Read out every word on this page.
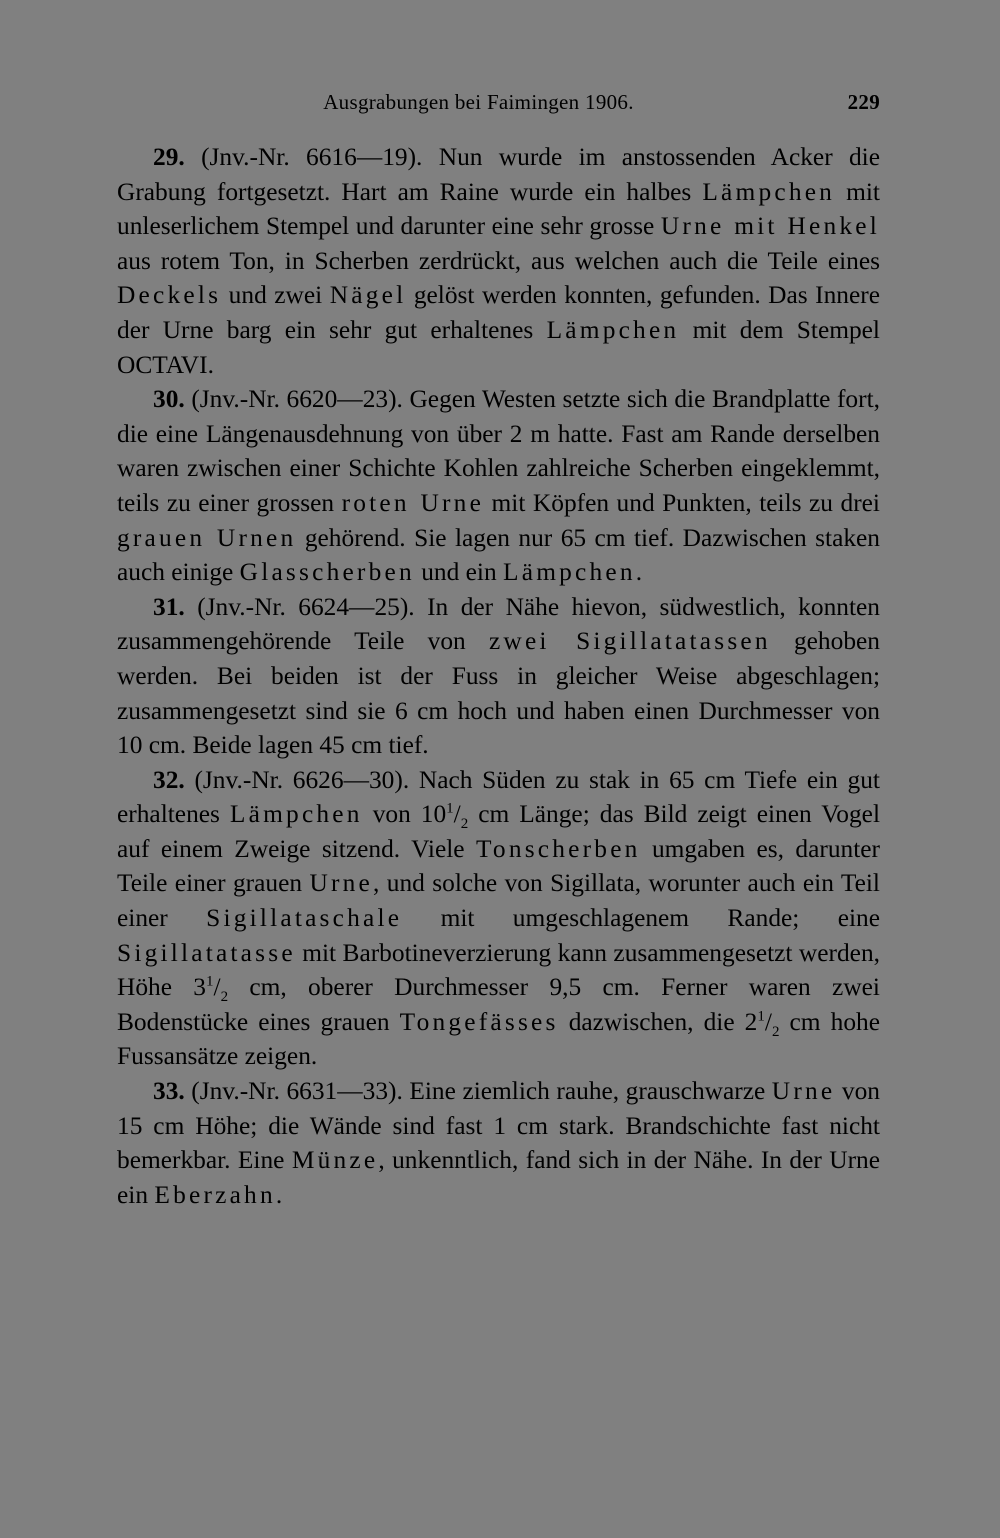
Ausgrabungen bei Faimingen 1906.	229

29. (Jnv.-Nr. 6616—19). Nun wurde im anstossenden Acker die Grabung fortgesetzt. Hart am Raine wurde ein halbes Lämpchen mit unleserlichem Stempel und darunter eine sehr grosse Urne mit Henkel aus rotem Ton, in Scherben zerdrückt, aus welchen auch die Teile eines Deckels und zwei Nägel gelöst werden konnten, gefunden. Das Innere der Urne barg ein sehr gut erhaltenes Lämpchen mit dem Stempel OCTAVI.

30. (Jnv.-Nr. 6620—23). Gegen Westen setzte sich die Brandplatte fort, die eine Längenausdehnung von über 2 m hatte. Fast am Rande derselben waren zwischen einer Schichte Kohlen zahlreiche Scherben eingeklemmt, teils zu einer grossen roten Urne mit Köpfen und Punkten, teils zu drei grauen Urnen gehörend. Sie lagen nur 65 cm tief. Dazwischen staken auch einige Glasscherben und ein Lämpchen.

31. (Jnv.-Nr. 6624—25). In der Nähe hievon, südwestlich, konnten zusammengehörende Teile von zwei Sigillatatassen gehoben werden. Bei beiden ist der Fuss in gleicher Weise abgeschlagen; zusammengesetzt sind sie 6 cm hoch und haben einen Durchmesser von 10 cm. Beide lagen 45 cm tief.

32. (Jnv.-Nr. 6626—30). Nach Süden zu stak in 65 cm Tiefe ein gut erhaltenes Lämpchen von $10^1/_2$ cm Länge; das Bild zeigt einen Vogel auf einem Zweige sitzend. Viele Tonscherben umgaben es, darunter Teile einer grauen Urne, und solche von Sigillata, worunter auch ein Teil einer Sigillataschale mit umgeschlagenem Rande; eine Sigillatatasse mit Barbotineverzierung kann zusammengesetzt werden, Höhe $3^1/_2$ cm, oberer Durchmesser 9,5 cm. Ferner waren zwei Bodenstücke eines grauen Tongefässes dazwischen, die $2^1/_2$ cm hohe Fussansätze zeigen.

33. (Jnv.-Nr. 6631—33). Eine ziemlich rauhe, grauschwarze Urne von 15 cm Höhe; die Wände sind fast 1 cm stark. Brandschichte fast nicht bemerkbar. Eine Münze, unkenntlich, fand sich in der Nähe. In der Urne ein Eberzahn.
